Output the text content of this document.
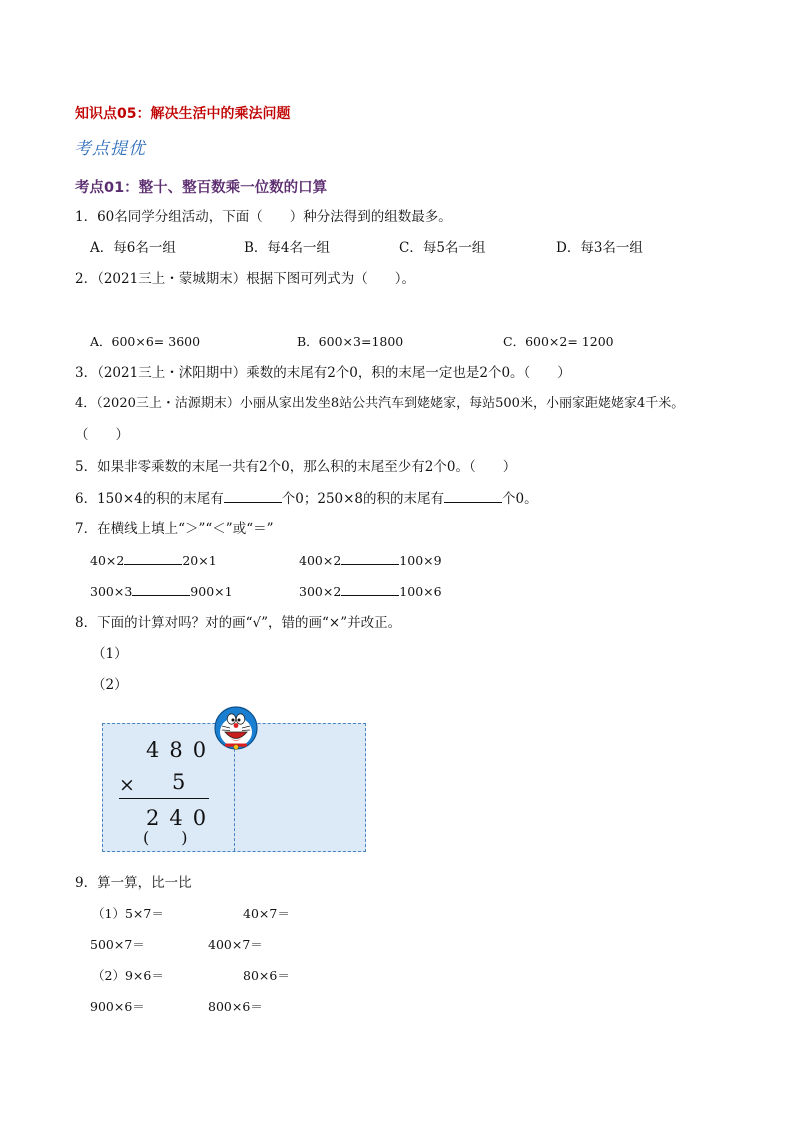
知识点05：解决生活中的乘法问题
考点提优
考点01：整十、整百数乘一位数的口算
1．60名同学分组活动，下面（　　）种分法得到的组数最多。
A．每6名一组	B．每4名一组	C．每5名一组	D．每3名一组
2．（2021三上・蒙城期末）根据下图可列式为（　　）。
A．600×6= 3600	B．600×3=1800	C．600×2= 1200
3．（2021三上・沭阳期中）乘数的末尾有2个0，积的末尾一定也是2个0。（　　）
4．（2020三上・沽源期末）小丽从家出发坐8站公共汽车到姥姥家，每站500米，小丽家距姥姥家4千米。
（　　）
5．如果非零乘数的末尾一共有2个0，那么积的末尾至少有2个0。（　　）
6．150×4的积的末尾有	个0；250×8的积的末尾有	个0。
7．在横线上填上“＞”“＜”或“＝”
40×2	20×1	400×2	100×9
300×3	900×1	300×2	100×6
8．下面的计算对吗？对的画“√”，错的画“×”并改正。
（1）
（2）
480
× 5
240
(　　)
9．算一算，比一比
（1）5×7＝	40×7＝
500×7＝	400×7＝
（2）9×6＝	80×6＝
900×6＝	800×6＝
